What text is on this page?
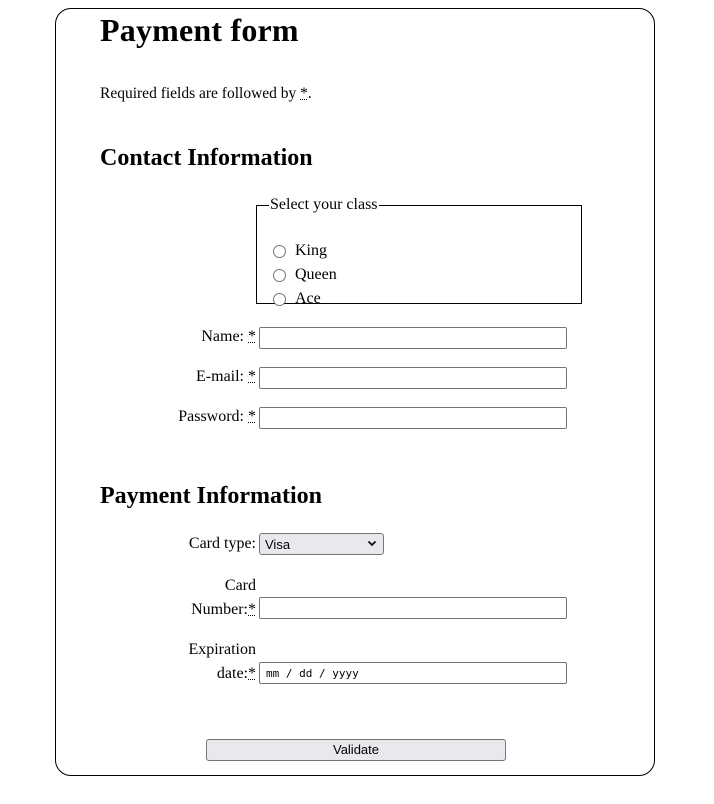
Payment form
Required fields are followed by *.
Contact Information
Select your class
King
Queen
Ace
Name: *
E-mail: *
Password: *
Payment Information
Card type: Visa
Card
Number:*
Expiration
date:* mm / dd / yyyy
Validate
